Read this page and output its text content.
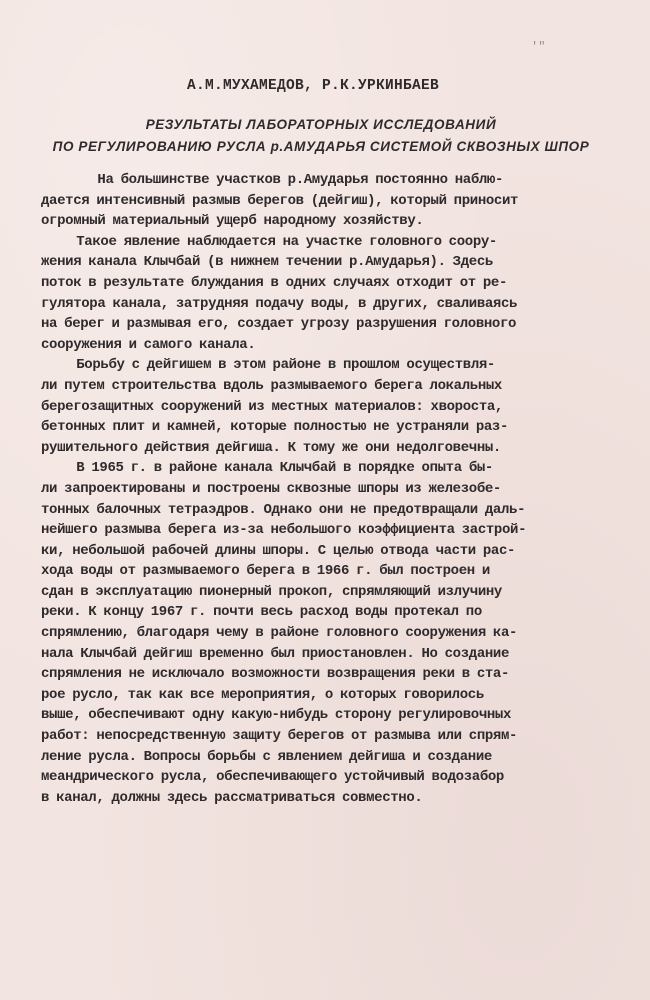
'"
А.М.МУХАМЕДОВ, Р.К.УРКИНБАЕВ
РЕЗУЛЬТАТЫ ЛАБОРАТОРНЫХ ИССЛЕДОВАНИЙ
ПО РЕГУЛИРОВАНИЮ РУСЛА р.АМУДАРЬЯ СИСТЕМОЙ СКВОЗНЫХ ШПОР
На большинстве участков р.Амударья постоянно наблю-
дается интенсивный размыв берегов (дейгиш), который приносит
огромный материальный ущерб народному хозяйству.
Такое явление наблюдается на участке головного соору-
жения канала Клычбай (в нижнем течении р.Амударья). Здесь
поток в результате блуждания в одних случаях отходит от ре-
гулятора канала, затрудняя подачу воды, в других, сваливаясь
на берег и размывая его, создает угрозу разрушения головного
сооружения и самого канала.
Борьбу с дейгишем в этом районе в прошлом осуществля-
ли путем строительства вдоль размываемого берега локальных
берегозащитных сооружений из местных материалов: хвороста,
бетонных плит и камней, которые полностью не устраняли раз-
рушительного действия дейгиша. К тому же они недолговечны.
В 1965 г. в районе канала Клычбай в порядке опыта бы-
ли запроектированы и построены сквозные шпоры из железобе-
тонных балочных тетраэдров. Однако они не предотвращали даль-
нейшего размыва берега из-за небольшого коэффициента застрой-
ки, небольшой рабочей длины шпоры. С целью отвода части рас-
хода воды от размываемого берега в 1966 г. был построен и
сдан в эксплуатацию пионерный прокоп, спрямляющий излучину
реки. К концу 1967 г. почти весь расход воды протекал по
спрямлению, благодаря чему в районе головного сооружения ка-
нала Клычбай дейгиш временно был приостановлен. Но создание
спрямления не исключало возможности возвращения реки в ста-
рое русло, так как все мероприятия, о которых говорилось
выше, обеспечивают одну какую-нибудь сторону регулировочных
работ: непосредственную защиту берегов от размыва или спрям-
ление русла. Вопросы борьбы с явлением дейгиша и создание
меандрического русла, обеспечивающего устойчивый водозабор
в канал, должны здесь рассматриваться совместно.
